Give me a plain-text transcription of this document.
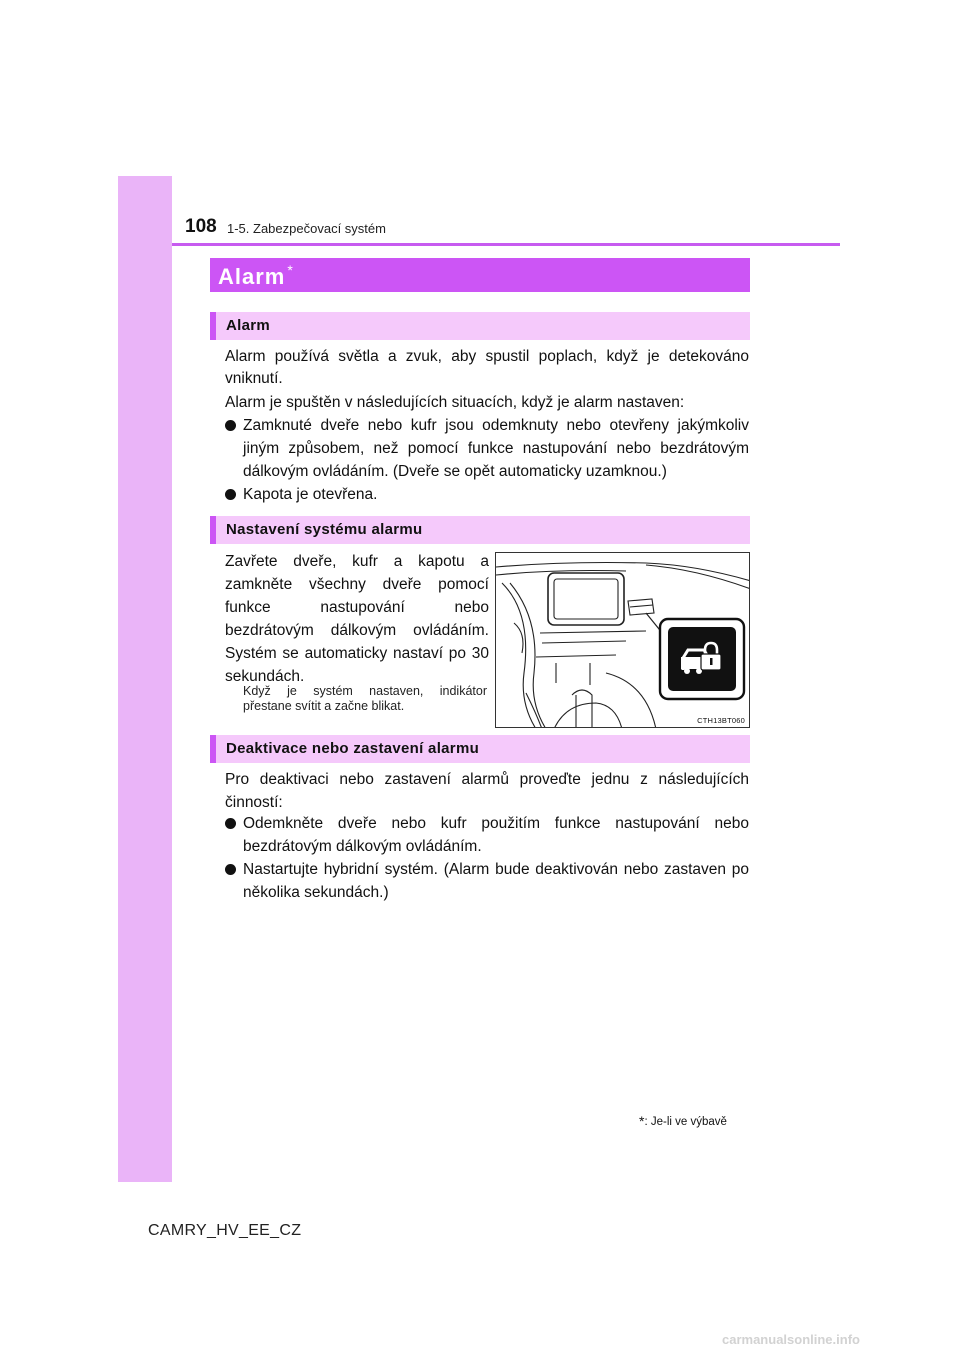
108 1-5. Zabezpečovací systém
Alarm *
Alarm
Alarm používá světla a zvuk, aby spustil poplach, když je detekováno vniknutí.
Alarm je spuštěn v následujících situacích, když je alarm nastaven:
Zamknuté dveře nebo kufr jsou odemknuty nebo otevřeny jakýmkoliv jiným způsobem, než pomocí funkce nastupování nebo bezdrátovým dálkovým ovládáním. (Dveře se opět automaticky uzamknou.)
Kapota je otevřena.
Nastavení systému alarmu
Zavřete dveře, kufr a kapotu a zamkněte všechny dveře pomocí funkce nastupování nebo bezdrátovým dálkovým ovládáním. Systém se automaticky nastaví po 30 sekundách.
Když je systém nastaven, indikátor přestane svítit a začne blikat.
CTH13BT060
Deaktivace nebo zastavení alarmu
Pro deaktivaci nebo zastavení alarmů proveďte jednu z následujících činností:
Odemkněte dveře nebo kufr použitím funkce nastupování nebo bezdrátovým dálkovým ovládáním.
Nastartujte hybridní systém. (Alarm bude deaktivován nebo zastaven po několika sekundách.)
*: Je-li ve výbavě
CAMRY_HV_EE_CZ
carmanualsonline.info
